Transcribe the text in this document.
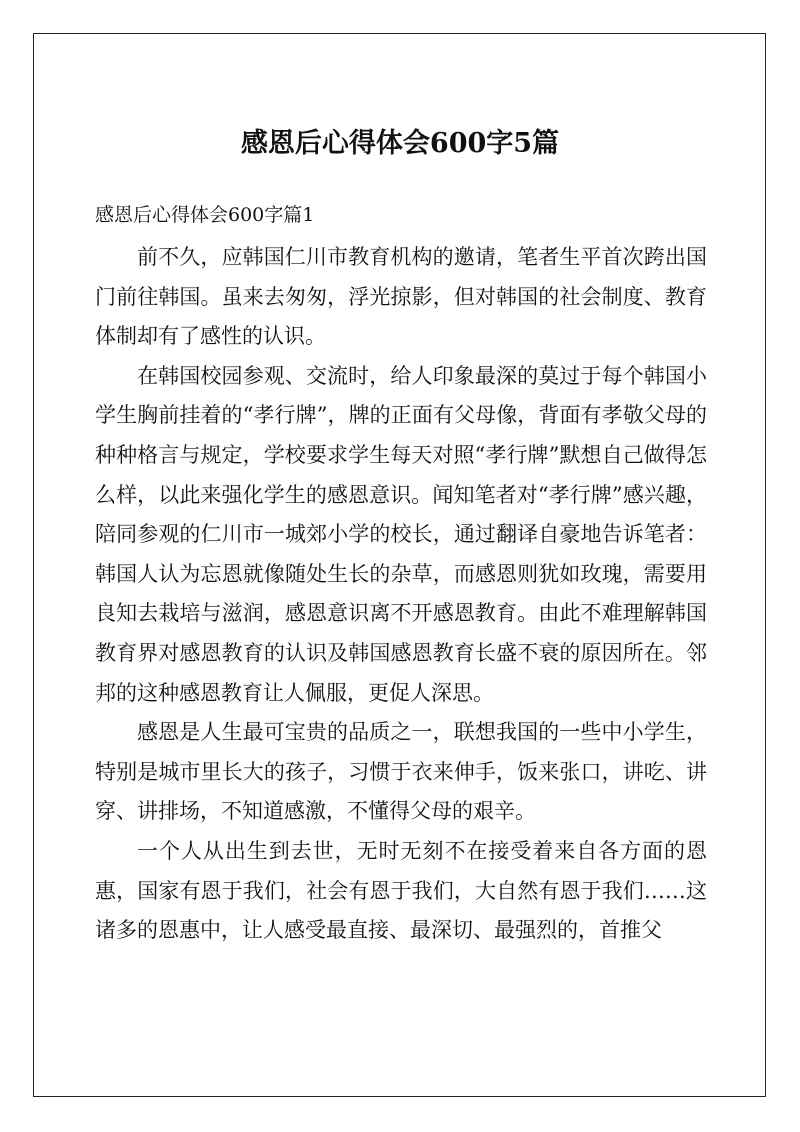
感恩后心得体会600字5篇
感恩后心得体会600字篇1

前不久，应韩国仁川市教育机构的邀请，笔者生平首次跨出国门前往韩国。虽来去匆匆，浮光掠影，但对韩国的社会制度、教育体制却有了感性的认识。

在韩国校园参观、交流时，给人印象最深的莫过于每个韩国小学生胸前挂着的“孝行牌”，牌的正面有父母像，背面有孝敬父母的种种格言与规定，学校要求学生每天对照“孝行牌”默想自己做得怎么样，以此来强化学生的感恩意识。闻知笔者对“孝行牌”感兴趣，陪同参观的仁川市一城郊小学的校长，通过翻译自豪地告诉笔者：韩国人认为忘恩就像随处生长的杂草，而感恩则犹如玫瑰，需要用良知去栽培与滋润，感恩意识离不开感恩教育。由此不难理解韩国教育界对感恩教育的认识及韩国感恩教育长盛不衰的原因所在。邻邦的这种感恩教育让人佩服，更促人深思。

感恩是人生最可宝贵的品质之一，联想我国的一些中小学生，特别是城市里长大的孩子，习惯于衣来伸手，饭来张口，讲吃、讲穿、讲排场，不知道感激，不懂得父母的艰辛。

一个人从出生到去世，无时无刻不在接受着来自各方面的恩惠，国家有恩于我们，社会有恩于我们，大自然有恩于我们……这诸多的恩惠中，让人感受最直接、最深切、最强烈的，首推父
